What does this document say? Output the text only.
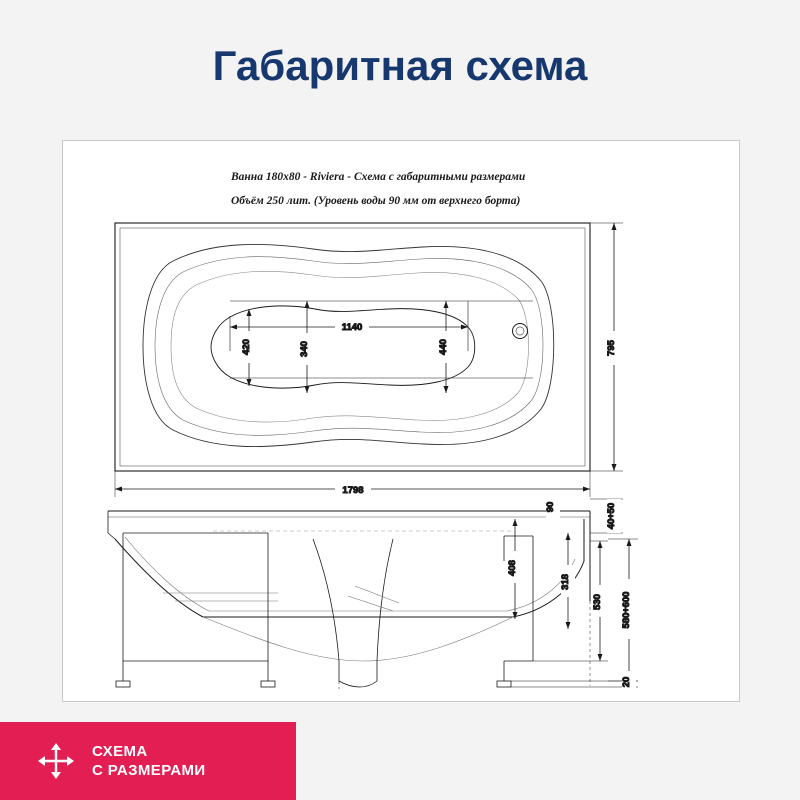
Габаритная схема
Ванна 180x80 - Riviera - Схема с габаритными размерами
Объём 250 лит. (Уровень воды 90 мм от верхнего борта)
1140
420	340	440
1798
795
90	40÷50
408
318
530 580÷600
20
СХЕМА
С РАЗМЕРАМИ
